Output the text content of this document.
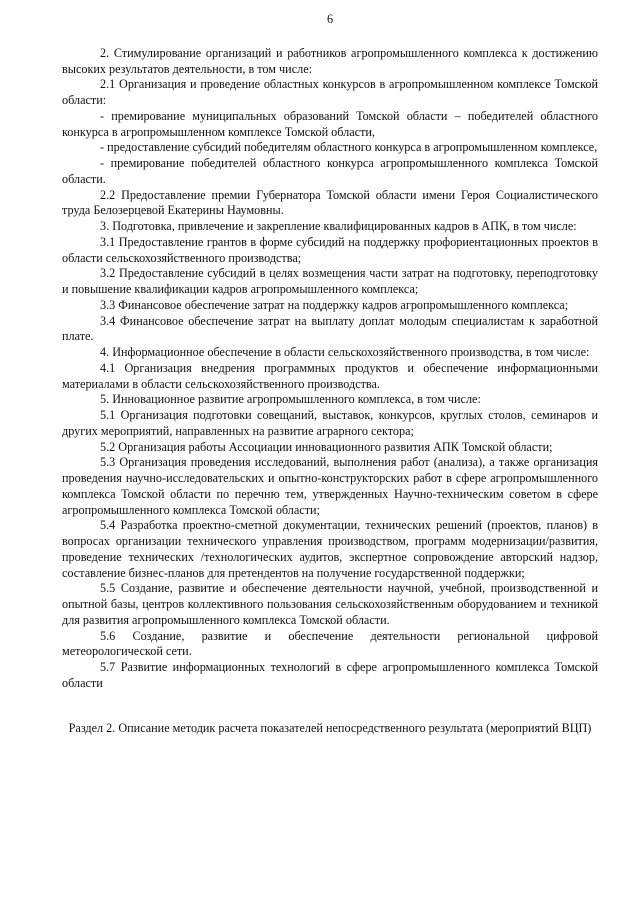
6

2. Стимулирование организаций и работников агропромышленного комплекса к достижению высоких результатов деятельности, в том числе:

2.1 Организация и проведение областных конкурсов в агропромышленном комплексе Томской области:

- премирование муниципальных образований Томской области – победителей областного конкурса в агропромышленном комплексе Томской области,

- предоставление субсидий победителям областного конкурса в агропромышленном комплексе,

- премирование победителей областного конкурса агропромышленного комплекса Томской области.

2.2 Предоставление премии Губернатора Томской области имени Героя Социалистического труда Белозерцевой Екатерины Наумовны.

3. Подготовка, привлечение и закрепление квалифицированных кадров в АПК, в том числе:

3.1 Предоставление грантов в форме субсидий на поддержку профориентационных проектов в области сельскохозяйственного производства;

3.2 Предоставление субсидий в целях возмещения части затрат на подготовку, переподготовку и повышение квалификации кадров агропромышленного комплекса;

3.3 Финансовое обеспечение затрат на поддержку кадров агропромышленного комплекса;

3.4 Финансовое обеспечение затрат на выплату доплат молодым специалистам к заработной плате.

4. Информационное обеспечение в области сельскохозяйственного производства, в том числе:

4.1 Организация внедрения программных продуктов и обеспечение информационными материалами в области сельскохозяйственного производства.

5. Инновационное развитие агропромышленного комплекса, в том числе:

5.1 Организация подготовки совещаний, выставок, конкурсов, круглых столов, семинаров и других мероприятий, направленных на развитие аграрного сектора;

5.2 Организация работы Ассоциации инновационного развития АПК Томской области;

5.3 Организация проведения исследований, выполнения работ (анализа), а также организация проведения научно-исследовательских и опытно-конструкторских работ в сфере агропромышленного комплекса Томской области по перечню тем, утвержденных Научно-техническим советом в сфере агропромышленного комплекса Томской области;

5.4 Разработка проектно-сметной документации, технических решений (проектов, планов) в вопросах организации технического управления производством, программ модернизации/развития, проведение технических /технологических аудитов, экспертное сопровождение авторский надзор, составление бизнес-планов для претендентов на получение государственной поддержки;

5.5 Создание, развитие и обеспечение деятельности научной, учебной, производственной и опытной базы, центров коллективного пользования сельскохозяйственным оборудованием и техникой для развития агропромышленного комплекса Томской области.

5.6 Создание, развитие и обеспечение деятельности региональной цифровой метеорологической сети.

5.7 Развитие информационных технологий в сфере агропромышленного комплекса Томской области

Раздел 2. Описание методик расчета показателей непосредственного результата (мероприятий ВЦП)
